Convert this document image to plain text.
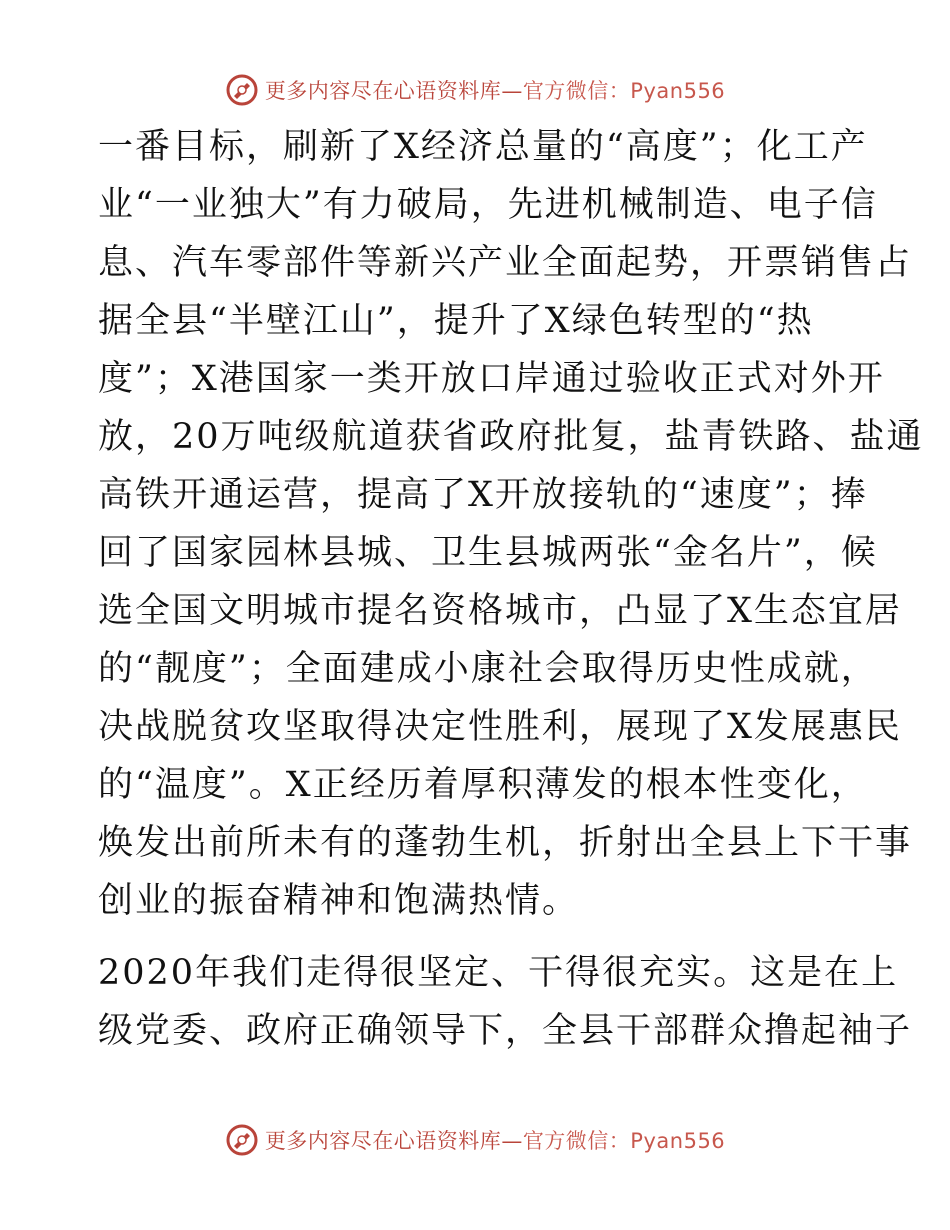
更多内容尽在心语资料库—官方微信：Pyan556
一番目标，刷新了X经济总量的“高度”；化工产
业“一业独大”有力破局，先进机械制造、电子信
息、汽车零部件等新兴产业全面起势，开票销售占
据全县“半壁江山”，提升了X绿色转型的“热
度”；X港国家一类开放口岸通过验收正式对外开
放，20万吨级航道获省政府批复，盐青铁路、盐通
高铁开通运营，提高了X开放接轨的“速度”；捧
回了国家园林县城、卫生县城两张“金名片”，候
选全国文明城市提名资格城市，凸显了X生态宜居
的“靓度”；全面建成小康社会取得历史性成就，
决战脱贫攻坚取得决定性胜利，展现了X发展惠民
的“温度”。X正经历着厚积薄发的根本性变化，
焕发出前所未有的蓬勃生机，折射出全县上下干事
创业的振奋精神和饱满热情。
2020年我们走得很坚定、干得很充实。这是在上
级党委、政府正确领导下，全县干部群众撸起袖子
更多内容尽在心语资料库—官方微信：Pyan556
